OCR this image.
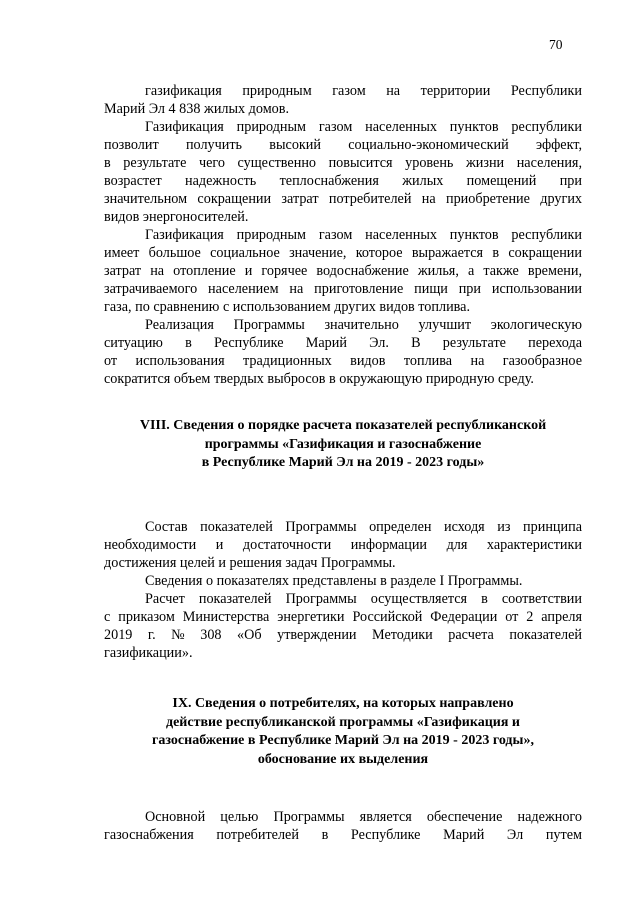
70
газификация природным газом на территории Республики
Марий Эл 4 838 жилых домов.
Газификация природным газом населенных пунктов республики
позволит получить высокий социально-экономический эффект,
в результате чего существенно повысится уровень жизни населения,
возрастет надежность теплоснабжения жилых помещений при
значительном сокращении затрат потребителей на приобретение других
видов энергоносителей.
Газификация природным газом населенных пунктов республики
имеет большое социальное значение, которое выражается в сокращении
затрат на отопление и горячее водоснабжение жилья, а также времени,
затрачиваемого населением на приготовление пищи при использовании
газа, по сравнению с использованием других видов топлива.
Реализация Программы значительно улучшит экологическую
ситуацию в Республике Марий Эл. В результате перехода
от использования традиционных видов топлива на газообразное
сократится объем твердых выбросов в окружающую природную среду.
VIII. Сведения о порядке расчета показателей республиканской
программы «Газификация и газоснабжение
в Республике Марий Эл на 2019 - 2023 годы»
Состав показателей Программы определен исходя из принципа
необходимости и достаточности информации для характеристики
достижения целей и решения задач Программы.
Сведения о показателях представлены в разделе I Программы.
Расчет показателей Программы осуществляется в соответствии
с приказом Министерства энергетики Российской Федерации от 2 апреля
2019 г. № 308 «Об утверждении Методики расчета показателей
газификации».
IX. Сведения о потребителях, на которых направлено
действие республиканской программы «Газификация и
газоснабжение в Республике Марий Эл на 2019 - 2023 годы»,
обоснование их выделения
Основной целью Программы является обеспечение надежного
газоснабжения потребителей в Республике Марий Эл путем
